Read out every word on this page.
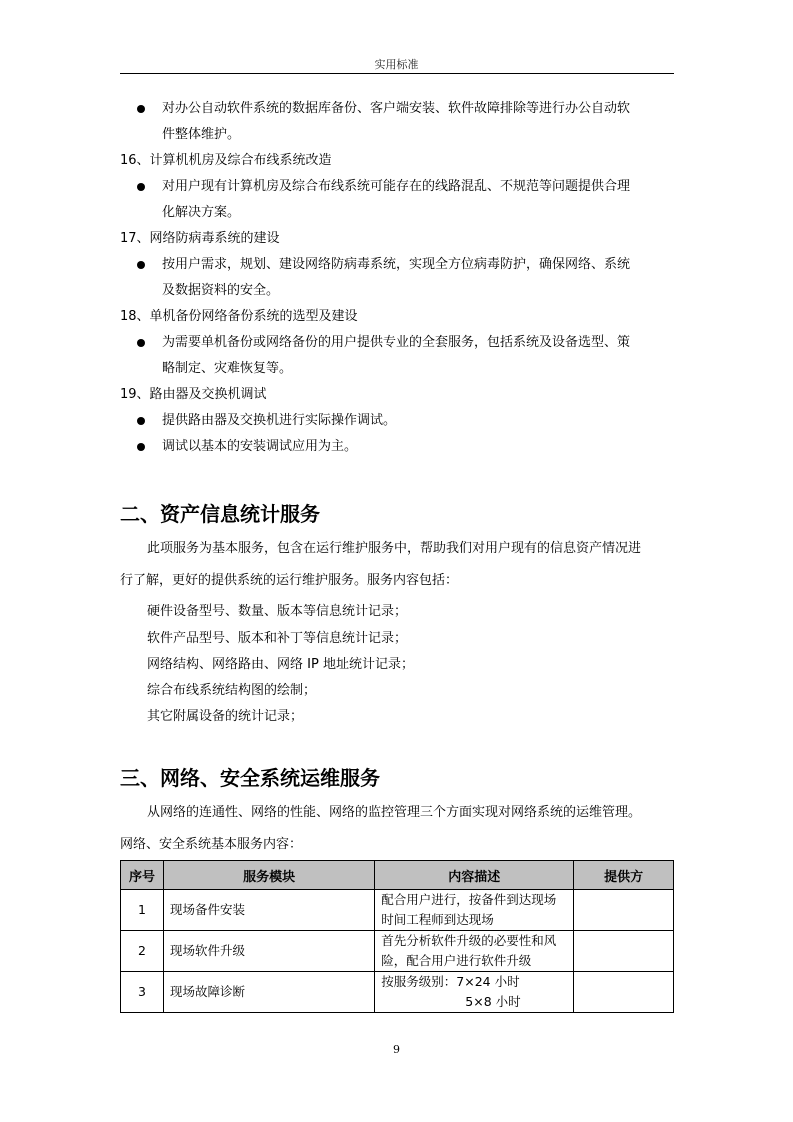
实用标准
对办公自动软件系统的数据库备份、客户端安装、软件故障排除等进行办公自动软
件整体维护。
16、计算机机房及综合布线系统改造
对用户现有计算机房及综合布线系统可能存在的线路混乱、不规范等问题提供合理
化解决方案。
17、网络防病毒系统的建设
按用户需求，规划、建设网络防病毒系统，实现全方位病毒防护，确保网络、系统
及数据资料的安全。
18、单机备份网络备份系统的选型及建设
为需要单机备份或网络备份的用户提供专业的全套服务，包括系统及设备选型、策
略制定、灾难恢复等。
19、路由器及交换机调试
提供路由器及交换机进行实际操作调试。
调试以基本的安装调试应用为主。
二、资产信息统计服务
此项服务为基本服务，包含在运行维护服务中，帮助我们对用户现有的信息资产情况进
行了解，更好的提供系统的运行维护服务。服务内容包括：
硬件设备型号、数量、版本等信息统计记录；
软件产品型号、版本和补丁等信息统计记录；
网络结构、网络路由、网络 IP 地址统计记录；
综合布线系统结构图的绘制；
其它附属设备的统计记录；
三、网络、安全系统运维服务
从网络的连通性、网络的性能、网络的监控管理三个方面实现对网络系统的运维管理。
网络、安全系统基本服务内容：
序号	服务模块	内容描述	提供方
1	现场备件安装	配合用户进行，按备件到达现场
时间工程师到达现场	

2	现场软件升级	首先分析软件升级的必要性和风
险，配合用户进行软件升级	

3	现场故障诊断	按服务级别：7×24 小时
5×8 小时	

9
